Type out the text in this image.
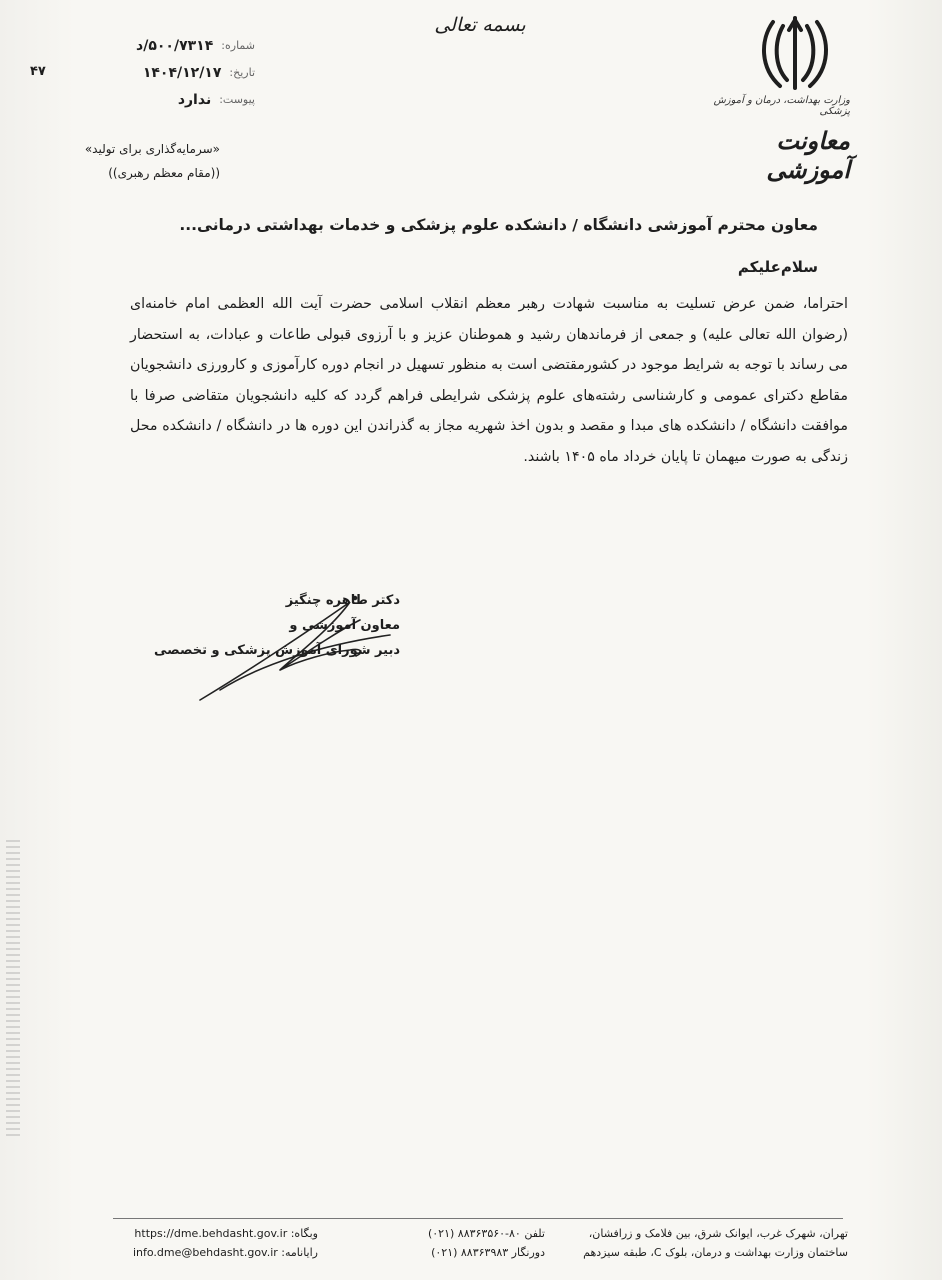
بسمه تعالی
وزارت بهداشت، درمان و آموزش پزشکی
معاونت آموزشی
شماره:
۵۰۰/۷۳۱۴/د
تاریخ:
۱۴۰۴/۱۲/۱۷
پیوست:
ندارد
۴۷
«سرمایه‌گذاری برای تولید»
((مقام معظم رهبری))
معاون محترم آموزشی دانشگاه / دانشکده علوم پزشکی و خدمات بهداشتی درمانی...
سلام‌علیکم
احتراما، ضمن عرض تسلیت به مناسبت شهادت رهبر معظم انقلاب اسلامی حضرت آیت الله العظمی امام خامنه‌ای (رضوان الله تعالی علیه) و جمعی از فرماندهان رشید و هموطنان عزیز و با آرزوی قبولی طاعات و عبادات، به استحضار می رساند با توجه به شرایط موجود در کشورمقتضی است به منظور تسهیل در انجام دوره کارآموزی و کارورزی دانشجویان مقاطع دکترای عمومی و کارشناسی رشته‌های علوم پزشکی شرایطی فراهم گردد که کلیه دانشجویان متقاضی صرفا با موافقت دانشگاه / دانشکده های مبدا و مقصد و بدون اخذ شهریه مجاز به گذراندن این دوره ها در دانشگاه / دانشکده محل زندگی به صورت میهمان تا پایان خرداد ماه ۱۴۰۵ باشند.
دکتر طاهره چنگیز
معاون آموزشی و
دبیر شورای آموزش پزشکی و تخصصی
تهران، شهرک غرب، ایوانک شرق، بین فلامک و زرافشان،
ساختمان وزارت بهداشت و درمان، بلوک C، طبقه سیزدهم
تلفن (۰۲۱) ۸۸۳۶۳۵۶۰-۸۰
دورنگار (۰۲۱) ۸۸۳۶۳۹۸۳
وبگاه: https://dme.behdasht.gov.ir
رایانامه: info.dme@behdasht.gov.ir
